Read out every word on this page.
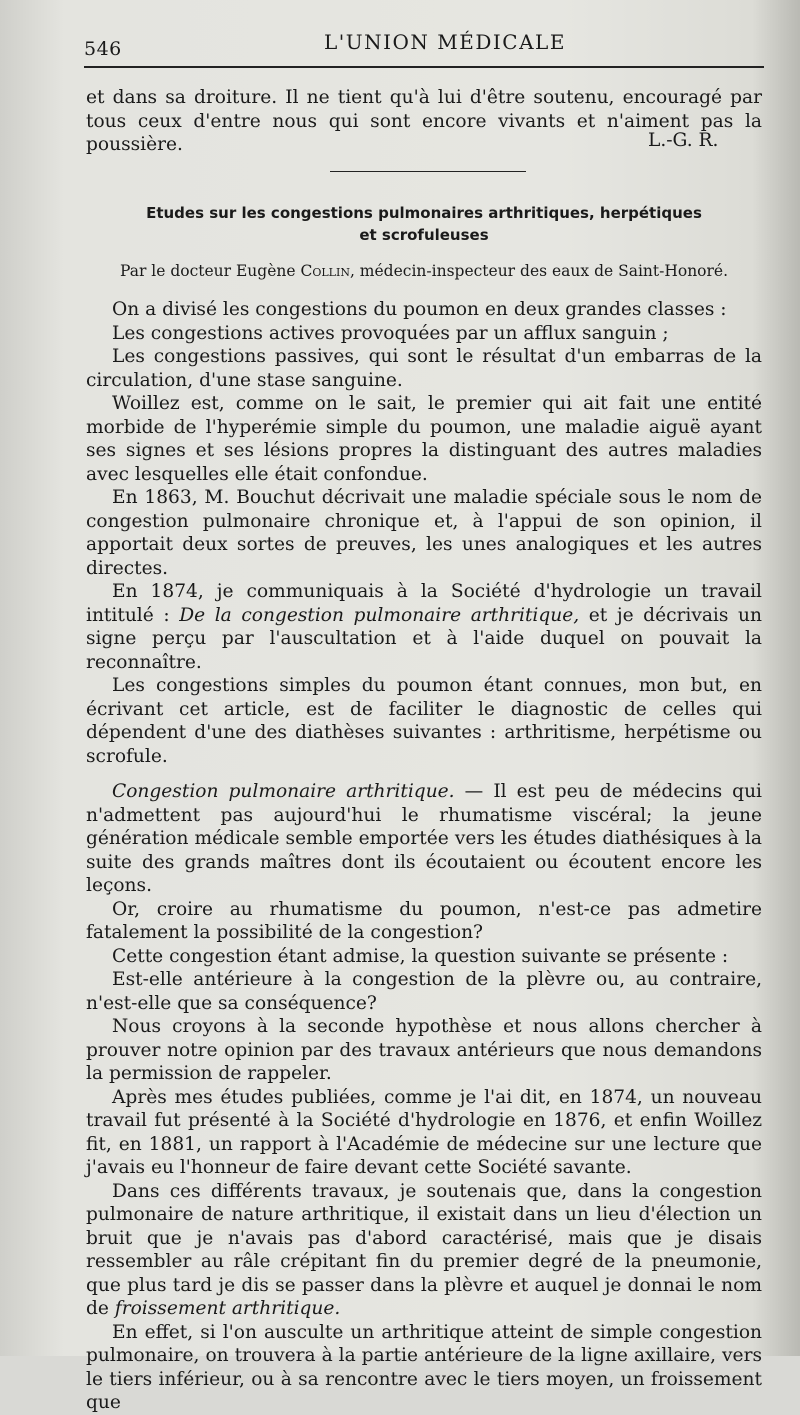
546	L'UNION MÉDICALE

et dans sa droiture. Il ne tient qu'à lui d'être soutenu, encouragé par tous ceux d'entre nous qui sont encore vivants et n'aiment pas la poussière.	L.-G. R.
Etudes sur les congestions pulmonaires arthritiques, herpétiques
et scrofuleuses
Par le docteur Eugène Collin, médecin-inspecteur des eaux de Saint-Honoré.

On a divisé les congestions du poumon en deux grandes classes :

Les congestions actives provoquées par un afflux sanguin ;

Les congestions passives, qui sont le résultat d'un embarras de la circulation, d'une stase sanguine.

Woillez est, comme on le sait, le premier qui ait fait une entité morbide de l'hyperémie simple du poumon, une maladie aiguë ayant ses signes et ses lésions propres la distinguant des autres maladies avec lesquelles elle était confondue.

En 1863, M. Bouchut décrivait une maladie spéciale sous le nom de congestion pulmonaire chronique et, à l'appui de son opinion, il apportait deux sortes de preuves, les unes analogiques et les autres directes.

En 1874, je communiquais à la Société d'hydrologie un travail intitulé : De la congestion pulmonaire arthritique, et je décrivais un signe perçu par l'auscultation et à l'aide duquel on pouvait la reconnaître.

Les congestions simples du poumon étant connues, mon but, en écrivant cet article, est de faciliter le diagnostic de celles qui dépendent d'une des diathèses suivantes : arthritisme, herpétisme ou scrofule.

Congestion pulmonaire arthritique. — Il est peu de médecins qui n'admettent pas aujourd'hui le rhumatisme viscéral; la jeune génération médicale semble emportée vers les études diathésiques à la suite des grands maîtres dont ils écoutaient ou écoutent encore les leçons.

Or, croire au rhumatisme du poumon, n'est-ce pas admetire fatalement la possibilité de la congestion?

Cette congestion étant admise, la question suivante se présente :

Est-elle antérieure à la congestion de la plèvre ou, au contraire, n'est-elle que sa conséquence?

Nous croyons à la seconde hypothèse et nous allons chercher à prouver notre opinion par des travaux antérieurs que nous demandons la permission de rappeler.

Après mes études publiées, comme je l'ai dit, en 1874, un nouveau travail fut présenté à la Société d'hydrologie en 1876, et enfin Woillez fit, en 1881, un rapport à l'Académie de médecine sur une lecture que j'avais eu l'honneur de faire devant cette Société savante.

Dans ces différents travaux, je soutenais que, dans la congestion pulmonaire de nature arthritique, il existait dans un lieu d'élection un bruit que je n'avais pas d'abord caractérisé, mais que je disais ressembler au râle crépitant fin du premier degré de la pneumonie, que plus tard je dis se passer dans la plèvre et auquel je donnai le nom de froissement arthritique.

En effet, si l'on ausculte un arthritique atteint de simple congestion pulmonaire, on trouvera à la partie antérieure de la ligne axillaire, vers le tiers inférieur, ou à sa rencontre avec le tiers moyen, un froissement que
